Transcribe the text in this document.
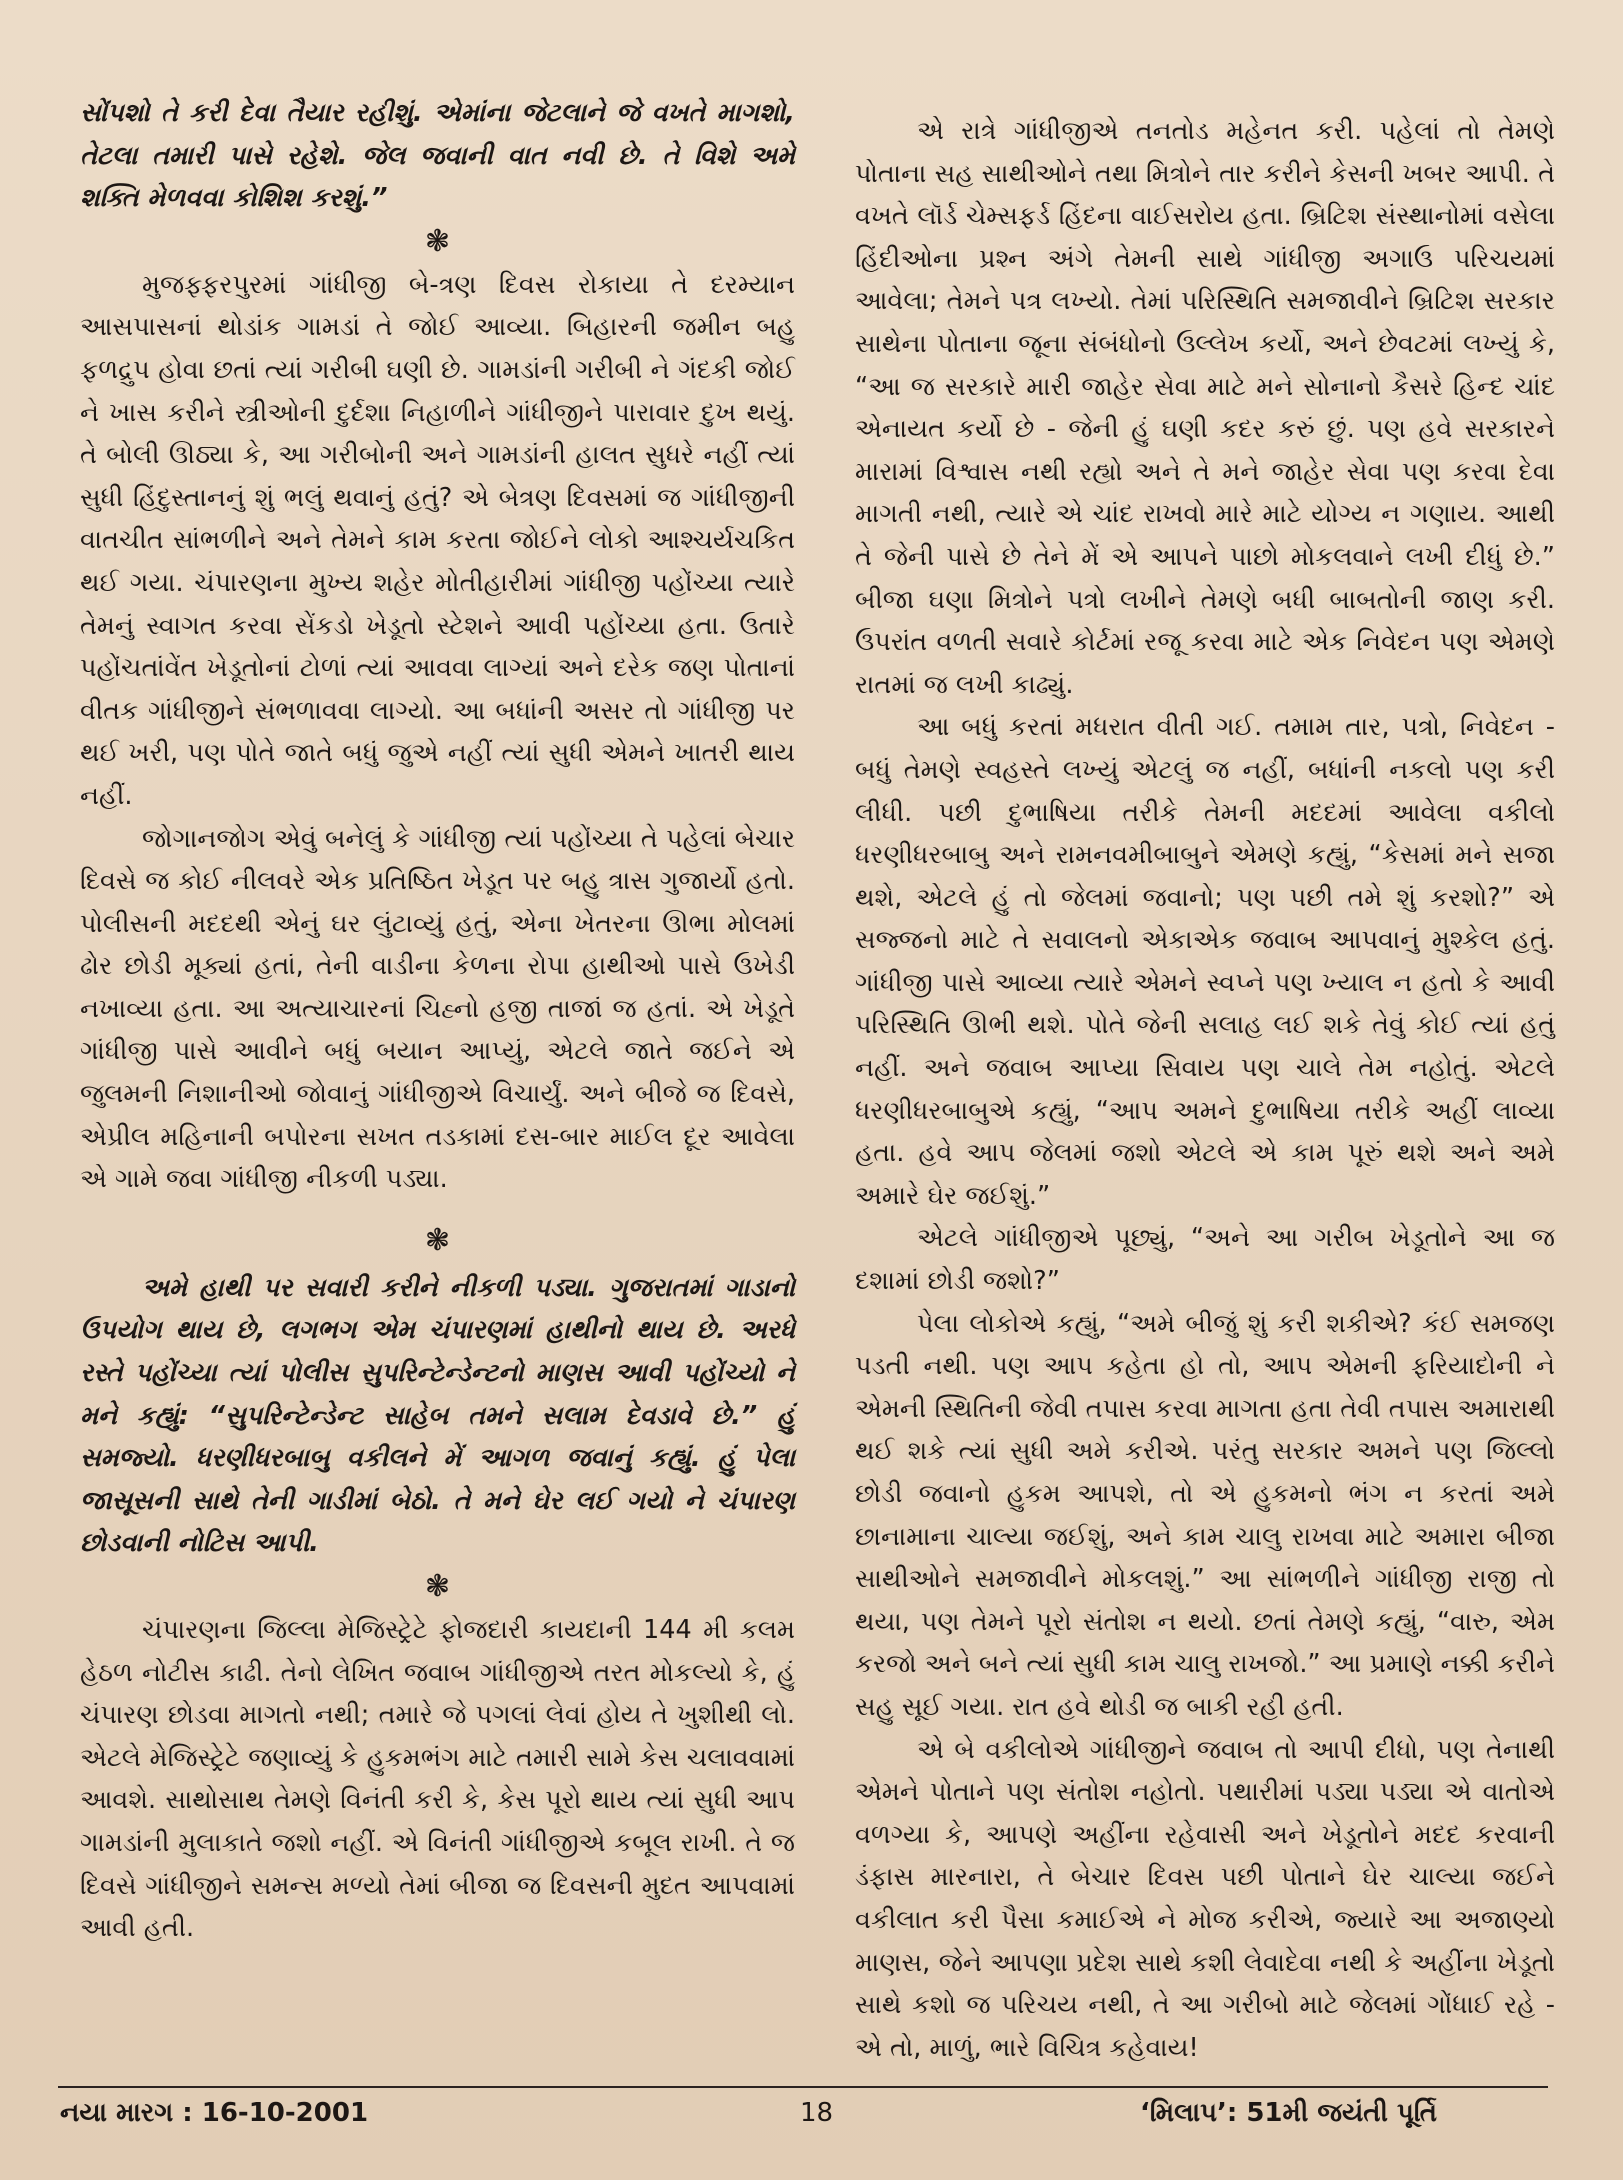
સોંપશો તે કરી દેવા તૈયાર રહીશું. એમાંના જેટલાને જે વખતે માગશો, તેટલા તમારી પાસે રહેશે. જેલ જવાની વાત નવી છે. તે વિશે અમે શક્તિ મેળવવા કોશિશ કરશું.”

❃

મુજફ્ફરપુરમાં ગાંધીજી બે-ત્રણ દિવસ રોકાયા તે દરમ્યાન આસપાસનાં થોડાંક ગામડાં તે જોઈ આવ્યા. બિહારની જમીન બહુ ફળદ્રુપ હોવા છતાં ત્યાં ગરીબી ઘણી છે. ગામડાંની ગરીબી ને ગંદકી જોઈ ને ખાસ કરીને સ્ત્રીઓની દુર્દશા નિહાળીને ગાંધીજીને પારાવાર દુખ થયું. તે બોલી ઊઠ્યા કે, આ ગરીબોની અને ગામડાંની હાલત સુધરે નહીં ત્યાં સુધી હિંદુસ્તાનનું શું ભલું થવાનું હતું? એ બેત્રણ દિવસમાં જ ગાંધીજીની વાતચીત સાંભળીને અને તેમને કામ કરતા જોઈને લોકો આશ્ચર્યચકિત થઈ ગયા. ચંપારણના મુખ્ય શહેર મોતીહારીમાં ગાંધીજી પહોંચ્યા ત્યારે તેમનું સ્વાગત કરવા સેંકડો ખેડૂતો સ્ટેશને આવી પહોંચ્યા હતા. ઉતારે પહોંચતાંવેંત ખેડૂતોનાં ટોળાં ત્યાં આવવા લાગ્યાં અને દરેક જણ પોતાનાં વીતક ગાંધીજીને સંભળાવવા લાગ્યો. આ બધાંની અસર તો ગાંધીજી પર થઈ ખરી, પણ પોતે જાતે બધું જુએ નહીં ત્યાં સુધી એમને ખાતરી થાય નહીં.

જોગાનજોગ એવું બનેલું કે ગાંધીજી ત્યાં પહોંચ્યા તે પહેલાં બેચાર દિવસે જ કોઈ નીલવરે એક પ્રતિષ્ઠિત ખેડૂત પર બહુ ત્રાસ ગુજાર્યો હતો. પોલીસની મદદથી એનું ઘર લુંટાવ્યું હતું, એના ખેતરના ઊભા મોલમાં ઢોર છોડી મૂક્યાં હતાં, તેની વાડીના કેળના રોપા હાથીઓ પાસે ઉખેડી નખાવ્યા હતા. આ અત્યાચારનાં ચિહ્નો હજી તાજાં જ હતાં. એ ખેડૂતે ગાંધીજી પાસે આવીને બધું બયાન આપ્યું, એટલે જાતે જઈને એ જુલમની નિશાનીઓ જોવાનું ગાંધીજીએ વિચાર્યું. અને બીજે જ દિવસે, એપ્રીલ મહિનાની બપોરના સખત તડકામાં દસ-બાર માઈલ દૂર આવેલા એ ગામે જવા ગાંધીજી નીકળી પડ્યા.

❃

અમે હાથી પર સવારી કરીને નીકળી પડ્યા. ગુજરાતમાં ગાડાનો ઉપયોગ થાય છે, લગભગ એમ ચંપારણમાં હાથીનો થાય છે. અરધે રસ્તે પહોંચ્યા ત્યાં પોલીસ સુપરિન્ટેન્ડેન્ટનો માણસ આવી પહોંચ્યો ને મને કહ્યું: “સુપરિન્ટેન્ડેન્ટ સાહેબ તમને સલામ દેવડાવે છે.” હું સમજ્યો. ધરણીધરબાબુ વકીલને મેં આગળ જવાનું કહ્યું. હું પેલા જાસૂસની સાથે તેની ગાડીમાં બેઠો. તે મને ઘેર લઈ ગયો ને ચંપારણ છોડવાની નોટિસ આપી.

❃

ચંપારણના જિલ્લા મેજિસ્ટ્રેટે ફોજદારી કાયદાની 144 મી કલમ હેઠળ નોટીસ કાઢી. તેનો લેખિત જવાબ ગાંધીજીએ તરત મોકલ્યો કે, હું ચંપારણ છોડવા માગતો નથી; તમારે જે પગલાં લેવાં હોય તે ખુશીથી લો. એટલે મેજિસ્ટ્રેટે જણાવ્યું કે હુકમભંગ માટે તમારી સામે કેસ ચલાવવામાં આવશે. સાથોસાથ તેમણે વિનંતી કરી કે, કેસ પૂરો થાય ત્યાં સુધી આપ ગામડાંની મુલાકાતે જશો નહીં. એ વિનંતી ગાંધીજીએ કબૂલ રાખી. તે જ દિવસે ગાંધીજીને સમન્સ મળ્યો તેમાં બીજા જ દિવસની મુદત આપવામાં આવી હતી.

એ રાત્રે ગાંધીજીએ તનતોડ મહેનત કરી. પહેલાં તો તેમણે પોતાના સહ સાથીઓને તથા મિત્રોને તાર કરીને કેસની ખબર આપી. તે વખતે લૉર્ડ ચેમ્સફર્ડ હિંદના વાઈસરોય હતા. બ્રિટિશ સંસ્થાનોમાં વસેલા હિંદીઓના પ્રશ્ન અંગે તેમની સાથે ગાંધીજી અગાઉ પરિચયમાં આવેલા; તેમને પત્ર લખ્યો. તેમાં પરિસ્થિતિ સમજાવીને બ્રિટિશ સરકાર સાથેના પોતાના જૂના સંબંધોનો ઉલ્લેખ કર્યો, અને છેવટમાં લખ્યું કે, “આ જ સરકારે મારી જાહેર સેવા માટે મને સોનાનો કૈસરે હિન્દ ચાંદ એનાયત કર્યો છે - જેની હું ઘણી કદર કરું છું. પણ હવે સરકારને મારામાં વિશ્વાસ નથી રહ્યો અને તે મને જાહેર સેવા પણ કરવા દેવા માગતી નથી, ત્યારે એ ચાંદ રાખવો મારે માટે યોગ્ય ન ગણાય. આથી તે જેની પાસે છે તેને મેં એ આપને પાછો મોકલવાને લખી દીધું છે.” બીજા ઘણા મિત્રોને પત્રો લખીને તેમણે બધી બાબતોની જાણ કરી. ઉપરાંત વળતી સવારે કોર્ટમાં રજૂ કરવા માટે એક નિવેદન પણ એમણે રાતમાં જ લખી કાઢ્યું.

આ બધું કરતાં મધરાત વીતી ગઈ. તમામ તાર, પત્રો, નિવેદન - બધું તેમણે સ્વહસ્તે લખ્યું એટલું જ નહીં, બધાંની નકલો પણ કરી લીધી. પછી દુભાષિયા તરીકે તેમની મદદમાં આવેલા વકીલો ધરણીધરબાબુ અને રામનવમીબાબુને એમણે કહ્યું, “કેસમાં મને સજા થશે, એટલે હું તો જેલમાં જવાનો; પણ પછી તમે શું કરશો?” એ સજ્જનો માટે તે સવાલનો એકાએક જવાબ આપવાનું મુશ્કેલ હતું. ગાંધીજી પાસે આવ્યા ત્યારે એમને સ્વપ્ને પણ ખ્યાલ ન હતો કે આવી પરિસ્થિતિ ઊભી થશે. પોતે જેની સલાહ લઈ શકે તેવું કોઈ ત્યાં હતું નહીં. અને જવાબ આપ્યા સિવાય પણ ચાલે તેમ નહોતું. એટલે ધરણીધરબાબુએ કહ્યું, “આપ અમને દુભાષિયા તરીકે અહીં લાવ્યા હતા. હવે આપ જેલમાં જશો એટલે એ કામ પૂરું થશે અને અમે અમારે ઘેર જઈશું.”

એટલે ગાંધીજીએ પૂછ્યું, “અને આ ગરીબ ખેડૂતોને આ જ દશામાં છોડી જશો?”

પેલા લોકોએ કહ્યું, “અમે બીજું શું કરી શકીએ? કંઈ સમજણ પડતી નથી. પણ આપ કહેતા હો તો, આપ એમની ફરિયાદોની ને એમની સ્થિતિની જેવી તપાસ કરવા માગતા હતા તેવી તપાસ અમારાથી થઈ શકે ત્યાં સુધી અમે કરીએ. પરંતુ સરકાર અમને પણ જિલ્લો છોડી જવાનો હુકમ આપશે, તો એ હુકમનો ભંગ ન કરતાં અમે છાનામાના ચાલ્યા જઈશું, અને કામ ચાલુ રાખવા માટે અમારા બીજા સાથીઓને સમજાવીને મોકલશું.” આ સાંભળીને ગાંધીજી રાજી તો થયા, પણ તેમને પૂરો સંતોશ ન થયો. છતાં તેમણે કહ્યું, “વારુ, એમ કરજો અને બને ત્યાં સુધી કામ ચાલુ રાખજો.” આ પ્રમાણે નક્કી કરીને સહુ સૂઈ ગયા. રાત હવે થોડી જ બાકી રહી હતી.

એ બે વકીલોએ ગાંધીજીને જવાબ તો આપી દીધો, પણ તેનાથી એમને પોતાને પણ સંતોશ નહોતો. પથારીમાં પડ્યા પડ્યા એ વાતોએ વળગ્યા કે, આપણે અહીંના રહેવાસી અને ખેડૂતોને મદદ કરવાની ડંફાસ મારનારા, તે બેચાર દિવસ પછી પોતાને ઘેર ચાલ્યા જઈને વકીલાત કરી પૈસા કમાઈએ ને મોજ કરીએ, જ્યારે આ અજાણ્યો માણસ, જેને આપણા પ્રદેશ સાથે કશી લેવાદેવા નથી કે અહીંના ખેડૂતો સાથે કશો જ પરિચય નથી, તે આ ગરીબો માટે જેલમાં ગોંધાઈ રહે - એ તો, માળું, ભારે વિચિત્ર કહેવાય!

નયા મારગ : 16-10-2001	18	‘મિલાપ’: 51મી જયંતી પૂર્તિ
